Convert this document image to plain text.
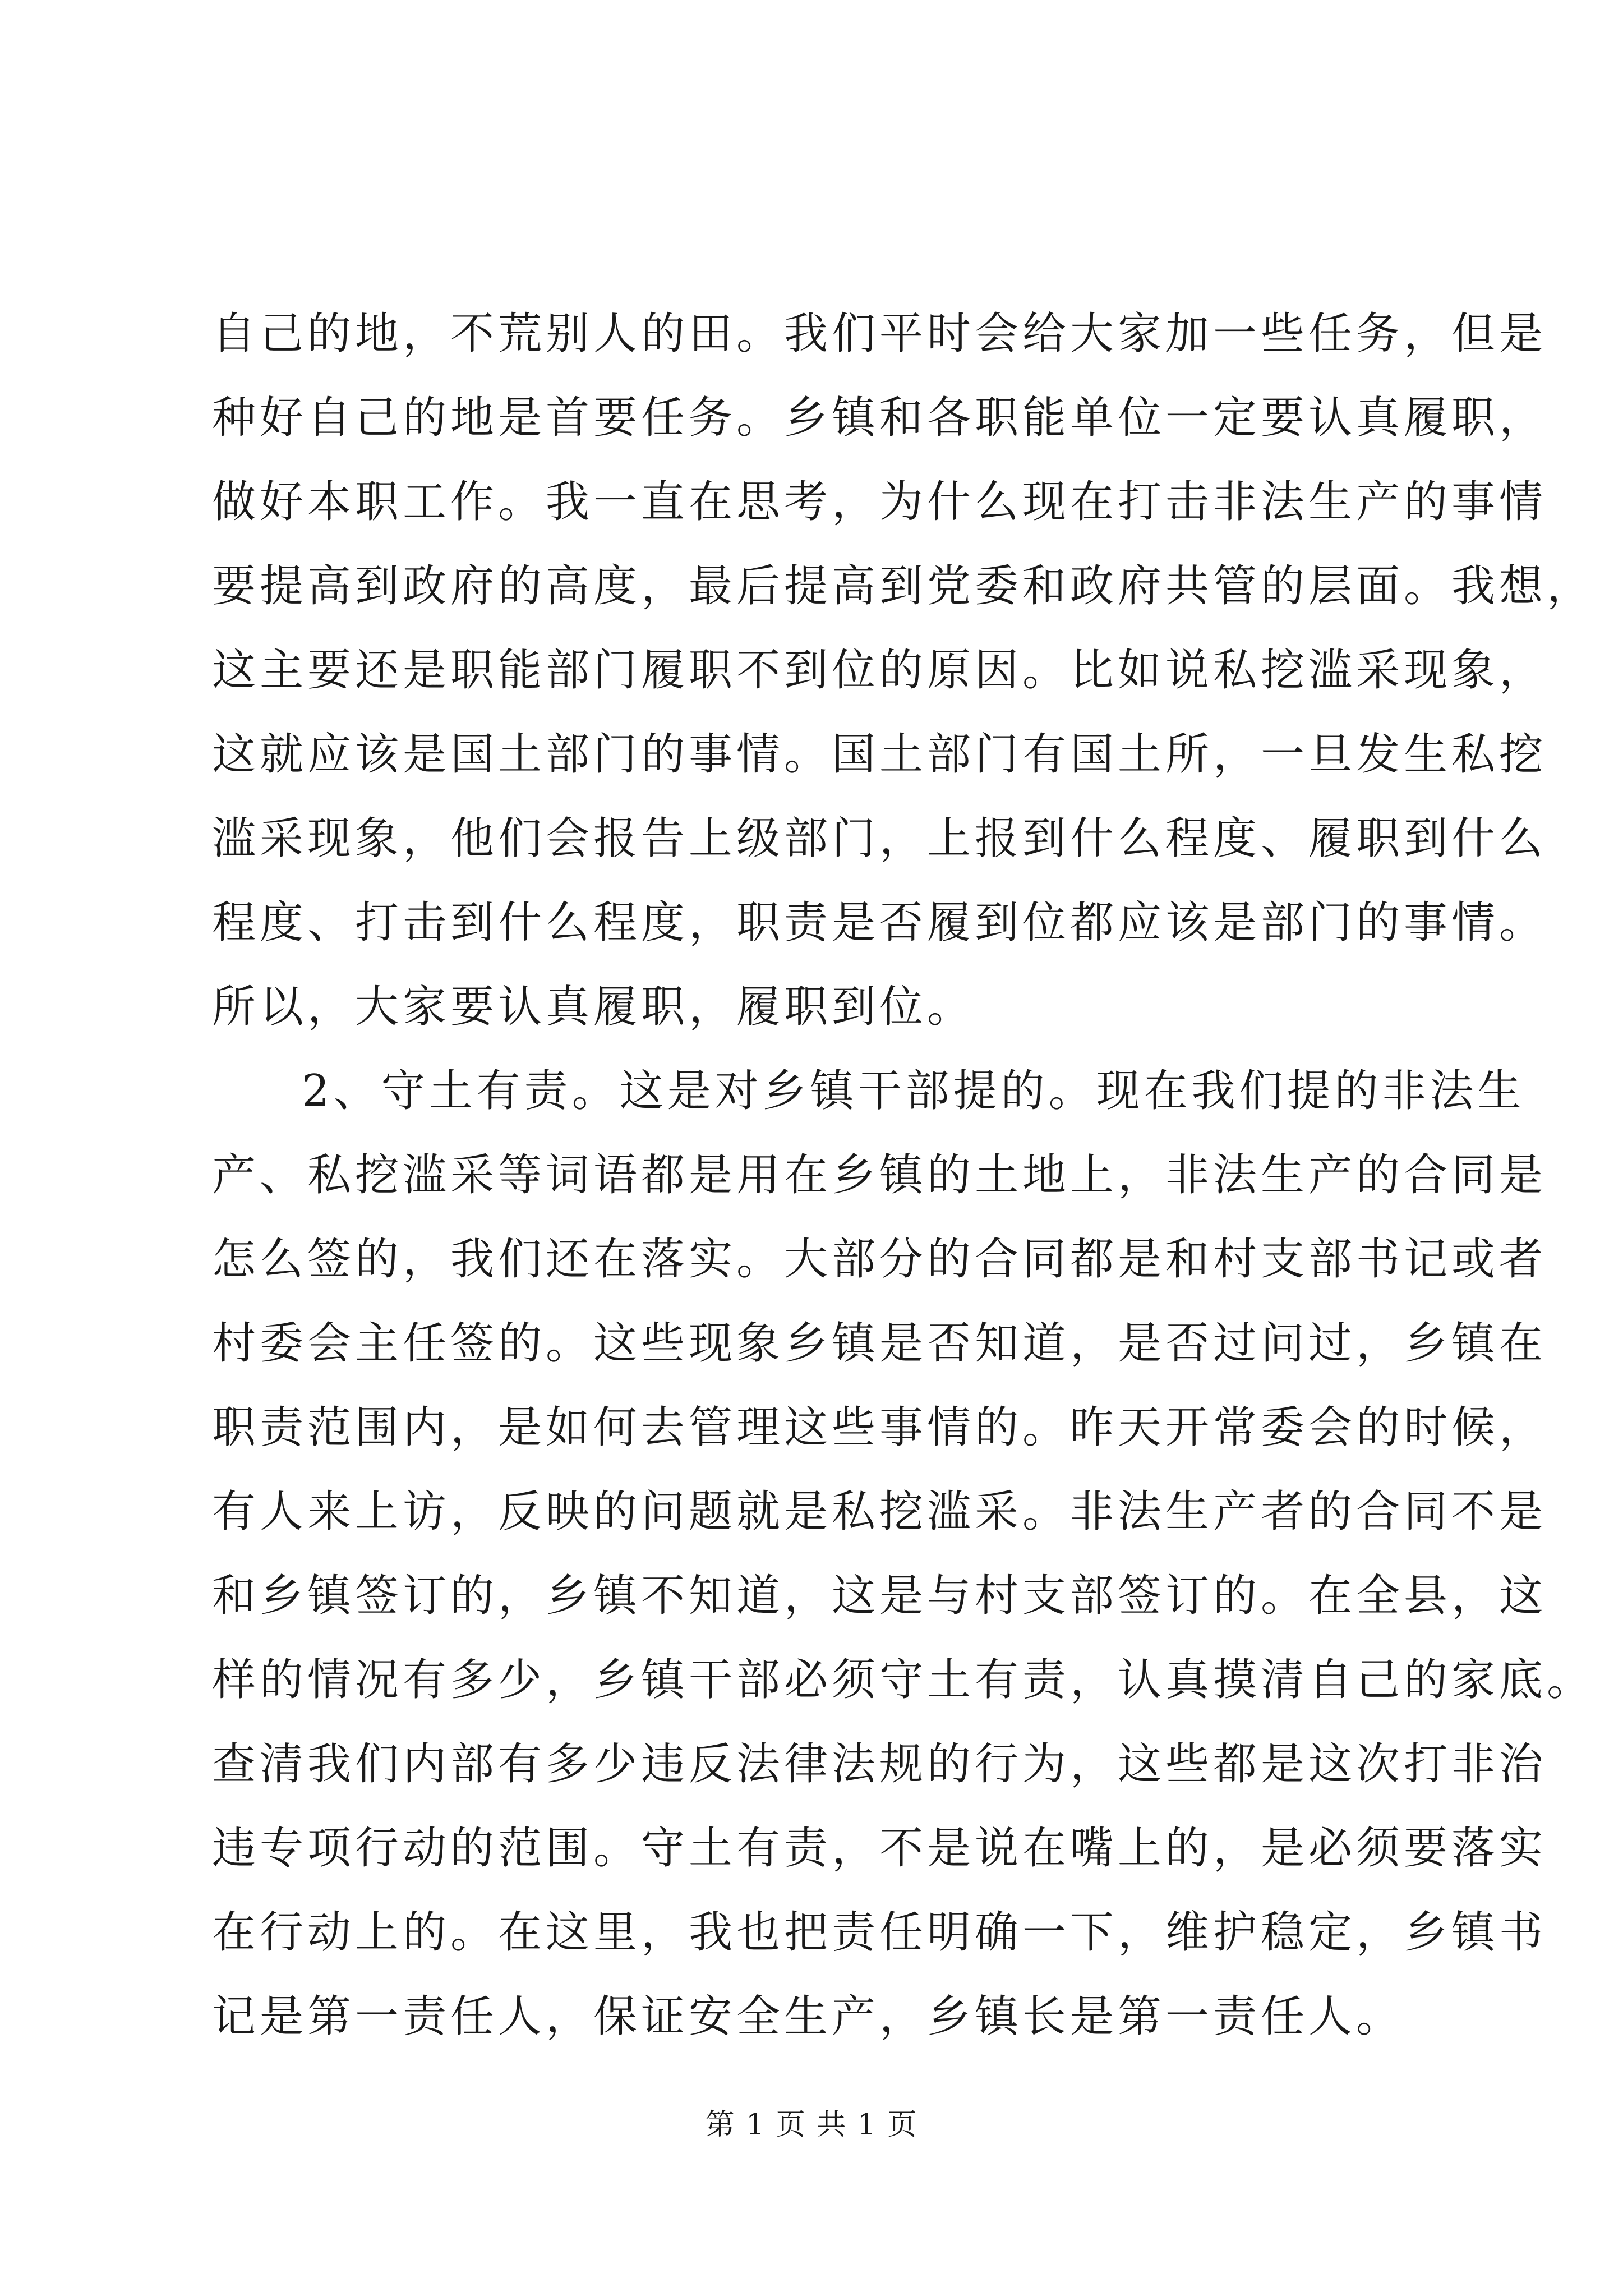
自己的地，不荒别人的田。我们平时会给大家加一些任务，但是
种好自己的地是首要任务。乡镇和各职能单位一定要认真履职，
做好本职工作。我一直在思考，为什么现在打击非法生产的事情
要提高到政府的高度，最后提高到党委和政府共管的层面。我想，
这主要还是职能部门履职不到位的原因。比如说私挖滥采现象，
这就应该是国土部门的事情。国土部门有国土所，一旦发生私挖
滥采现象，他们会报告上级部门，上报到什么程度、履职到什么
程度、打击到什么程度，职责是否履到位都应该是部门的事情。
所以，大家要认真履职，履职到位。
2、守土有责。这是对乡镇干部提的。现在我们提的非法生
产、私挖滥采等词语都是用在乡镇的土地上，非法生产的合同是
怎么签的，我们还在落实。大部分的合同都是和村支部书记或者
村委会主任签的。这些现象乡镇是否知道，是否过问过，乡镇在
职责范围内，是如何去管理这些事情的。昨天开常委会的时候，
有人来上访，反映的问题就是私挖滥采。非法生产者的合同不是
和乡镇签订的，乡镇不知道，这是与村支部签订的。在全县，这
样的情况有多少，乡镇干部必须守土有责，认真摸清自己的家底。
查清我们内部有多少违反法律法规的行为，这些都是这次打非治
违专项行动的范围。守土有责，不是说在嘴上的，是必须要落实
在行动上的。在这里，我也把责任明确一下，维护稳定，乡镇书
记是第一责任人，保证安全生产，乡镇长是第一责任人。
第 1 页 共 1 页
